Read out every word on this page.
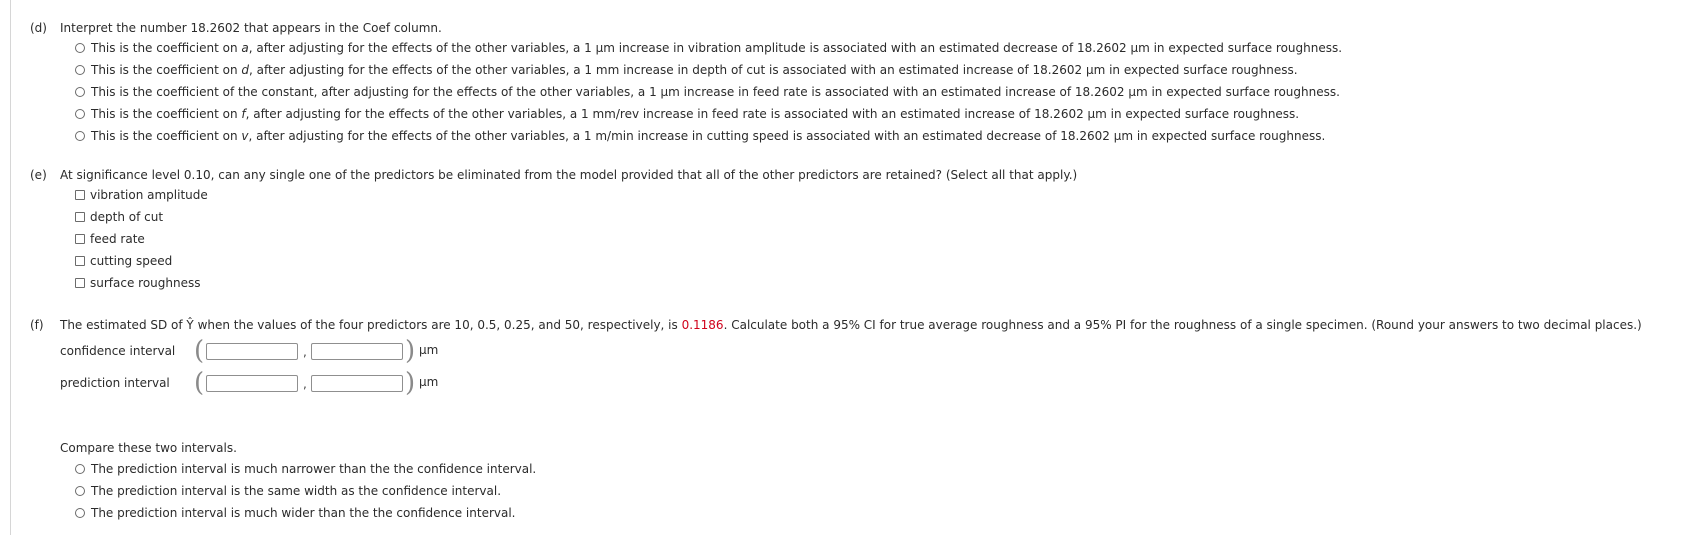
(d) Interpret the number 18.2602 that appears in the Coef column.
This is the coefficient on a, after adjusting for the effects of the other variables, a 1 μm increase in vibration amplitude is associated with an estimated decrease of 18.2602 μm in expected surface roughness.
This is the coefficient on d, after adjusting for the effects of the other variables, a 1 mm increase in depth of cut is associated with an estimated increase of 18.2602 µm in expected surface roughness.
This is the coefficient of the constant, after adjusting for the effects of the other variables, a 1 μm increase in feed rate is associated with an estimated increase of 18.2602 μm in expected surface roughness.
This is the coefficient on f, after adjusting for the effects of the other variables, a 1 mm/rev increase in feed rate is associated with an estimated increase of 18.2602 μm in expected surface roughness.
This is the coefficient on v, after adjusting for the effects of the other variables, a 1 m/min increase in cutting speed is associated with an estimated decrease of 18.2602 μm in expected surface roughness.
(e) At significance level 0.10, can any single one of the predictors be eliminated from the model provided that all of the other predictors are retained? (Select all that apply.)
vibration amplitude
depth of cut
feed rate
cutting speed
surface roughness
(f) The estimated SD of Ŷ when the values of the four predictors are 10, 0.5, 0.25, and 50, respectively, is 0.1186. Calculate both a 95% CI for true average roughness and a 95% PI for the roughness of a single specimen. (Round your answers to two decimal places.)
confidence interval (	,	) μm
prediction interval (	,	) μm
Compare these two intervals.
The prediction interval is much narrower than the the confidence interval.
The prediction interval is the same width as the confidence interval.
The prediction interval is much wider than the the confidence interval.
